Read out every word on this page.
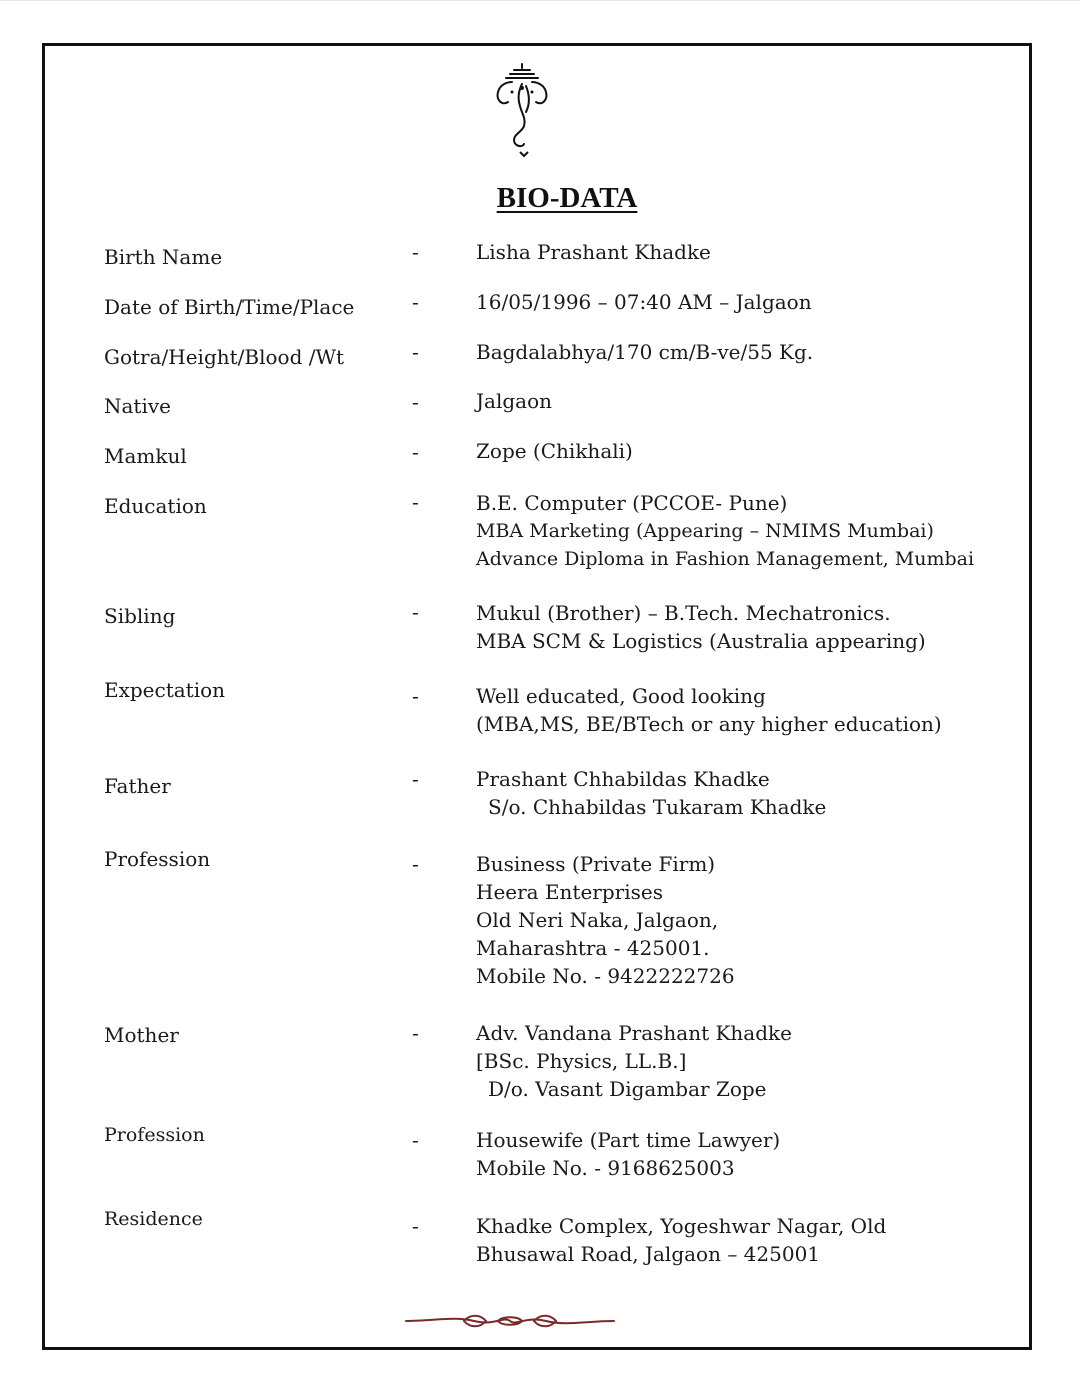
BIO-DATA
Birth Name	-	Lisha Prashant Khadke
Date of Birth/Time/Place	-	16/05/1996 – 07:40 AM – Jalgaon
Gotra/Height/Blood /Wt	-	Bagdalabhya/170 cm/B-ve/55 Kg.
Native	-	Jalgaon
Mamkul	-	Zope (Chikhali)
Education	-	B.E. Computer (PCCOE- Pune)
MBA Marketing (Appearing – NMIMS Mumbai)
Advance Diploma in Fashion Management, Mumbai
Sibling	-	Mukul (Brother) – B.Tech. Mechatronics.
MBA SCM & Logistics (Australia appearing)
Expectation	-	Well educated, Good looking
(MBA,MS, BE/BTech or any higher education)
Father	-	Prashant Chhabildas Khadke
S/o. Chhabildas Tukaram Khadke
Profession	-	Business (Private Firm)
Heera Enterprises
Old Neri Naka, Jalgaon,
Maharashtra - 425001.
Mobile No. - 9422222726
Mother	-	Adv. Vandana Prashant Khadke
[BSc. Physics, LL.B.]
D/o. Vasant Digambar Zope
Profession	-	Housewife (Part time Lawyer)
Mobile No. - 9168625003
Residence	-	Khadke Complex, Yogeshwar Nagar, Old
Bhusawal Road, Jalgaon – 425001
